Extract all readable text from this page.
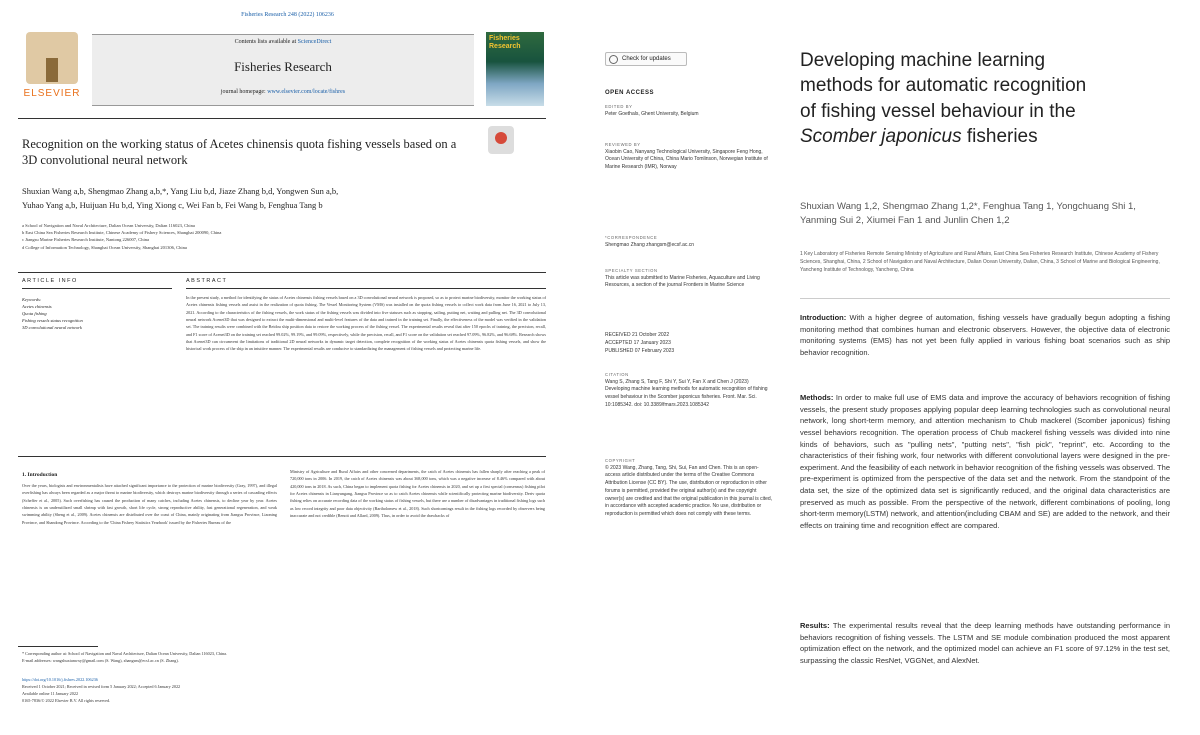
Fisheries Research 248 (2022) 106236
ELSEVIER
Contents lists available at ScienceDirect
Fisheries Research
journal homepage: www.elsevier.com/locate/fishres
Fisheries Research
Recognition on the working status of Acetes chinensis quota fishing vessels based on a 3D convolutional neural network
Shuxian Wang a,b, Shengmao Zhang a,b,*, Yang Liu b,d, Jiaze Zhang b,d, Yongwen Sun a,b,
Yuhao Yang a,b, Huijuan Hu b,d, Ying Xiong c, Wei Fan b, Fei Wang b, Fenghua Tang b
a School of Navigation and Naval Architecture, Dalian Ocean University, Dalian 116023, China
b East China Sea Fisheries Research Institute, Chinese Academy of Fishery Sciences, Shanghai 200090, China
c Jiangsu Marine Fisheries Research Institute, Nantong 226007, China
d College of Information Technology, Shanghai Ocean University, Shanghai 201306, China
ARTICLE INFO	ABSTRACT
Keywords:
Acetes chinensis
Quota fishing
Fishing vessels status recognition
3D convolutional neural network
In the present study, a method for identifying the status of Acetes chinensis fishing vessels based on a 3D convolutional neural network is proposed, so as to protect marine biodiversity, monitor the working status of Acetes chinensis fishing vessels and assist in the realization of quota fishing. The Vessel Monitoring System (VMS) was installed on the quota fishing vessels to collect work data from June 16, 2021 to July 13, 2021. According to the characteristics of the fishing vessels, the work status of the fishing vessels was divided into five statuses such as stopping, sailing, putting net, waiting and pulling net. The 3D convolutional neural network Acenet3D that was designed to extract the multi-dimensional and multi-level features of the data and trained in the training set. Finally, the effectiveness of the model was verified in the validation set. The training results were combined with the Beidou ship position data to restore the working process of the fishing vessel. The experimental results reveal that after 150 epochs of training, the precision, recall, and F1 score of Acenet3D on the training set reached 99.02%, 99.19%, and 99.09%, respectively, while the precision, recall, and F1 score on the validation set reached 97.09%, 96.82%, and 96.68%. Research shows that Acenet3D can circumvent the limitations of traditional 2D neural networks in dynamic target detection, complete recognition of the working status of Acetes chinensis quota fishing vessels, and show the historical work process of the ship in an intuitive manner. The experimental results are conducive to standardizing the management of fishing vessels and protecting marine life.
1. Introduction
Over the years, biologists and environmentalists have attached significant importance to the protection of marine biodiversity (Gray, 1997), and illegal overfishing has always been regarded as a major threat to marine biodiversity, which destroys marine biodiversity through a series of cascading effects (Scheffer et al., 2005). Such overfishing has caused the production of many catches, including Acetes chinensis, to decline year by year. Acetes chinensis is an underutilized small shrimp with fast growth, short life cycle, strong reproductive ability, fast generational regeneration, and weak swimming ability (Sheng et al., 2009). Acetes chinensis are distributed over the coast of China, mainly originating from Jiangsu Province, Liaoning Province, and Shandong Province. According to the 'China Fishery Statistics Yearbook' issued by the Fisheries Bureau of the
Ministry of Agriculture and Rural Affairs and other concerned departments, the catch of Acetes chinensis has fallen sharply after reaching a peak of 720,000 tons in 2006. In 2019, the catch of Acetes chinensis was about 368,000 tons, which was a negative increase of 8.46% compared with about 420,000 tons in 2018. As such, China began to implement quota fishing for Acetes chinensis in 2020, and set up a first special (consensus) fishing pilot for Acetes chinensis in Lianyungang, Jiangsu Province so as to catch Acetes chinensis while scientifically protecting marine biodiversity. Deriv quota fishing relies on accurate recording data of the working status of fishing vessels, but there are a number of disadvantages in traditional fishing logs such as low record integrity and poor data objectivity (Bartholomew et al., 2018). Such shortcomings result in the fishing logs recorded by observers being inaccurate and not credible (Benoit and Allard, 2009). Thus, in order to avoid the drawbacks of
* Corresponding author at: School of Navigation and Naval Architecture, Dalian Ocean University, Dalian 116023, China.
E-mail addresses: wangshuxianwxy@gmail.com (S. Wang), zhangsm@ecsf.ac.cn (S. Zhang).
https://doi.org/10.1016/j.fishres.2022.106236
Received 1 October 2021; Received in revised form 5 January 2022; Accepted 6 January 2022
Available online 11 January 2022
0165-7836/© 2022 Elsevier B.V. All rights reserved.
Check for updates
OPEN ACCESS
EDITED BY
Peter Goethals, Ghent University, Belgium
REVIEWED BY
Xiaobin Cao, Nanyang Technological University, Singapore Feng Hong, Ocean University of China, China Mario Tomlinson, Norwegian Institute of Marine Research (IMR), Norway
*CORRESPONDENCE
Shengmao Zhang zhangsm@ecsf.ac.cn
SPECIALTY SECTION
This article was submitted to Marine Fisheries, Aquaculture and Living Resources, a section of the journal Frontiers in Marine Science
RECEIVED 21 October 2022
ACCEPTED 17 January 2023
PUBLISHED 07 February 2023
CITATION
Wang S, Zhang S, Tang F, Shi Y, Sui Y, Fan X and Chen J (2023) Developing machine learning methods for automatic recognition of fishing vessel behaviour in the Scomber japonicus fisheries. Front. Mar. Sci. 10:1085342. doi: 10.3389/fmars.2023.1085342
COPYRIGHT
© 2023 Wang, Zhang, Tang, Shi, Sui, Fan and Chen. This is an open-access article distributed under the terms of the Creative Commons Attribution License (CC BY). The use, distribution or reproduction in other forums is permitted, provided the original author(s) and the copyright owner(s) are credited and that the original publication in this journal is cited, in accordance with accepted academic practice. No use, distribution or reproduction is permitted which does not comply with these terms.
Developing machine learning methods for automatic recognition of fishing vessel behaviour in the Scomber japonicus fisheries
Shuxian Wang 1,2, Shengmao Zhang 1,2*, Fenghua Tang 1, Yongchuang Shi 1, Yanming Sui 2, Xiumei Fan 1 and Junlin Chen 1,2
1 Key Laboratory of Fisheries Remote Sensing Ministry of Agriculture and Rural Affairs, East China Sea Fisheries Research Institute, Chinese Academy of Fishery Sciences, Shanghai, China, 2 School of Navigation and Naval Architecture, Dalian Ocean University, Dalian, China, 3 School of Marine and Biological Engineering, Yancheng Institute of Technology, Yancheng, China
Introduction: With a higher degree of automation, fishing vessels have gradually begun adopting a fishing monitoring method that combines human and electronic observers. However, the objective data of electronic monitoring systems (EMS) has not yet been fully applied in various fishing boat scenarios such as ship behavior recognition.
Methods: In order to make full use of EMS data and improve the accuracy of behaviors recognition of fishing vessels, the present study proposes applying popular deep learning technologies such as convolutional neural network, long short-term memory, and attention mechanism to Chub mackerel (Scomber japonicus) fishing vessel behaviors recognition. The operation process of Chub mackerel fishing vessels was divided into nine kinds of behaviors, such as "pulling nets", "putting nets", "fish pick", "reprint", etc. According to the characteristics of their fishing work, four networks with different convolutional layers were designed in the pre-experiment. And the feasibility of each network in behavior recognition of the fishing vessels was observed. The pre-experiment is optimized from the perspective of the data set and the network. From the standpoint of the data set, the size of the optimized data set is significantly reduced, and the original data characteristics are preserved as much as possible. From the perspective of the network, different combinations of pooling, long short-term memory(LSTM) network, and attention(including CBAM and SE) are added to the network, and their effects on training time and recognition effect are compared.
Results: The experimental results reveal that the deep learning methods have outstanding performance in behaviors recognition of fishing vessels. The LSTM and SE module combination produced the most apparent optimization effect on the network, and the optimized model can achieve an F1 score of 97.12% in the test set, surpassing the classic ResNet, VGGNet, and AlexNet.
